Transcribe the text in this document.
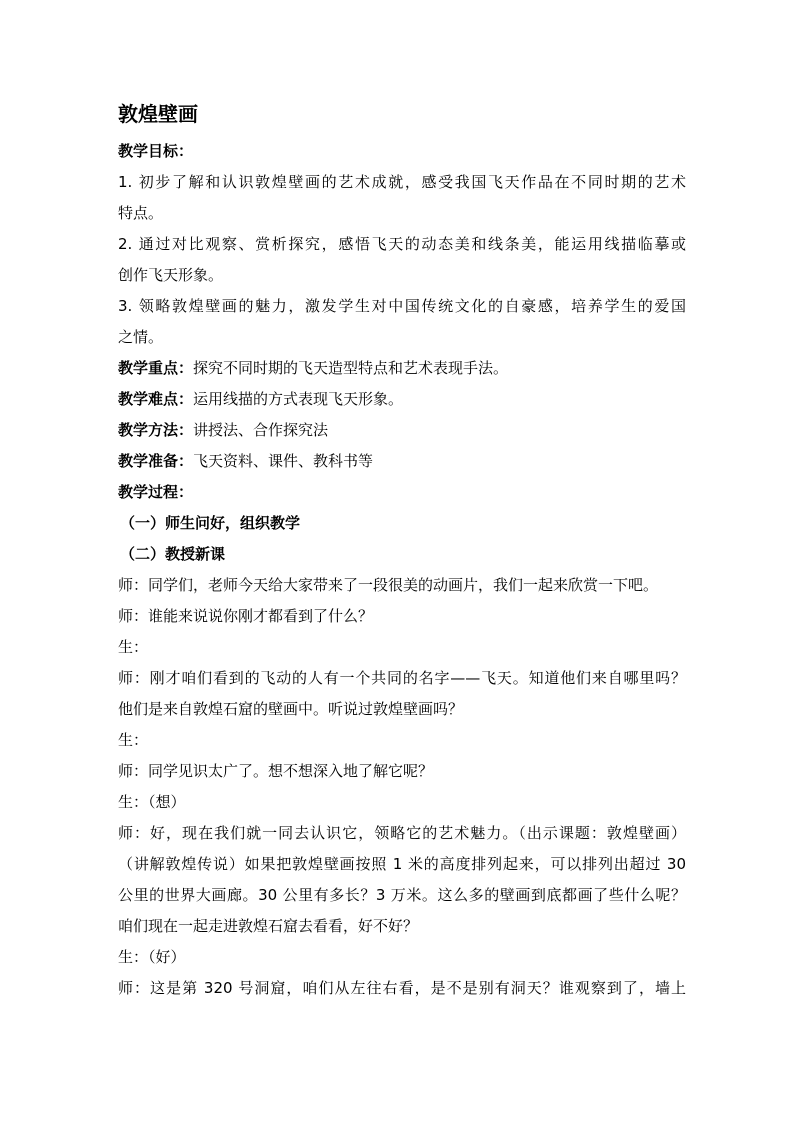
敦煌壁画
教学目标：
1. 初步了解和认识敦煌壁画的艺术成就，感受我国飞天作品在不同时期的艺术
特点。
2. 通过对比观察、赏析探究，感悟飞天的动态美和线条美，能运用线描临摹或
创作飞天形象。
3. 领略敦煌壁画的魅力，激发学生对中国传统文化的自豪感，培养学生的爱国
之情。
教学重点：探究不同时期的飞天造型特点和艺术表现手法。
教学难点：运用线描的方式表现飞天形象。
教学方法：讲授法、合作探究法
教学准备：飞天资料、课件、教科书等
教学过程：
（一）师生问好，组织教学
（二）教授新课
师：同学们，老师今天给大家带来了一段很美的动画片，我们一起来欣赏一下吧。
师：谁能来说说你刚才都看到了什么？
生：
师：刚才咱们看到的飞动的人有一个共同的名字——飞天。知道他们来自哪里吗？
他们是来自敦煌石窟的壁画中。听说过敦煌壁画吗？
生：
师：同学见识太广了。想不想深入地了解它呢？
生：（想）
师：好，现在我们就一同去认识它，领略它的艺术魅力。（出示课题：敦煌壁画）
（讲解敦煌传说）如果把敦煌壁画按照 1 米的高度排列起来，可以排列出超过 30
公里的世界大画廊。30 公里有多长？3 万米。这么多的壁画到底都画了些什么呢？
咱们现在一起走进敦煌石窟去看看，好不好？
生：（好）
师：这是第 320 号洞窟，咱们从左往右看，是不是别有洞天？谁观察到了，墙上
